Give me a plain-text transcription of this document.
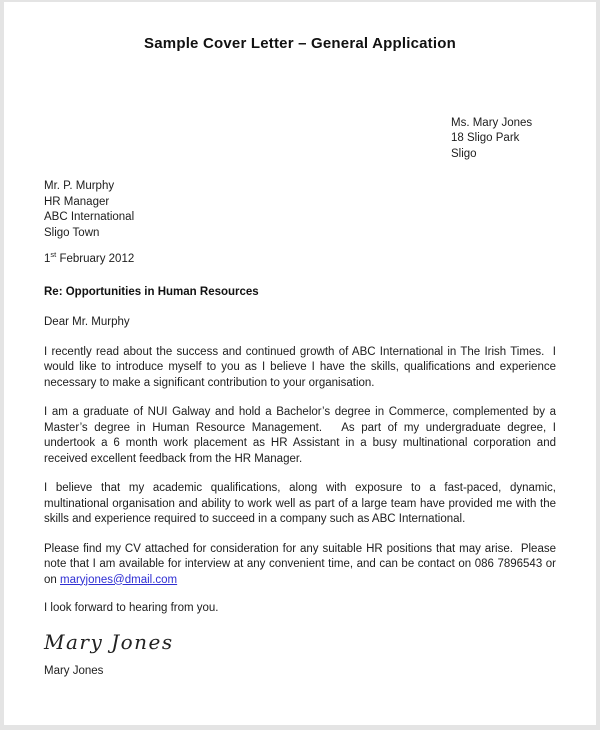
Sample Cover Letter – General Application
Ms. Mary Jones
18 Sligo Park
Sligo
Mr. P. Murphy
HR Manager
ABC International
Sligo Town
1st February 2012
Re: Opportunities in Human Resources
Dear Mr. Murphy

I recently read about the success and continued growth of ABC International in The Irish Times.  I would like to introduce myself to you as I believe I have the skills, qualifications and experience necessary to make a significant contribution to your organisation.

I am a graduate of NUI Galway and hold a Bachelor’s degree in Commerce, complemented by a Master’s degree in Human Resource Management.   As part of my undergraduate degree, I undertook a 6 month work placement as HR Assistant in a busy multinational corporation and received excellent feedback from the HR Manager.

I believe that my academic qualifications, along with exposure to a fast-paced, dynamic, multinational organisation and ability to work well as part of a large team have provided me with the skills and experience required to succeed in a company such as ABC International.

Please find my CV attached for consideration for any suitable HR positions that may arise.  Please note that I am available for interview at any convenient time, and can be contact on 086 7896543 or on maryjones@dmail.com

I look forward to hearing from you.
Mary Jones
Mary Jones
